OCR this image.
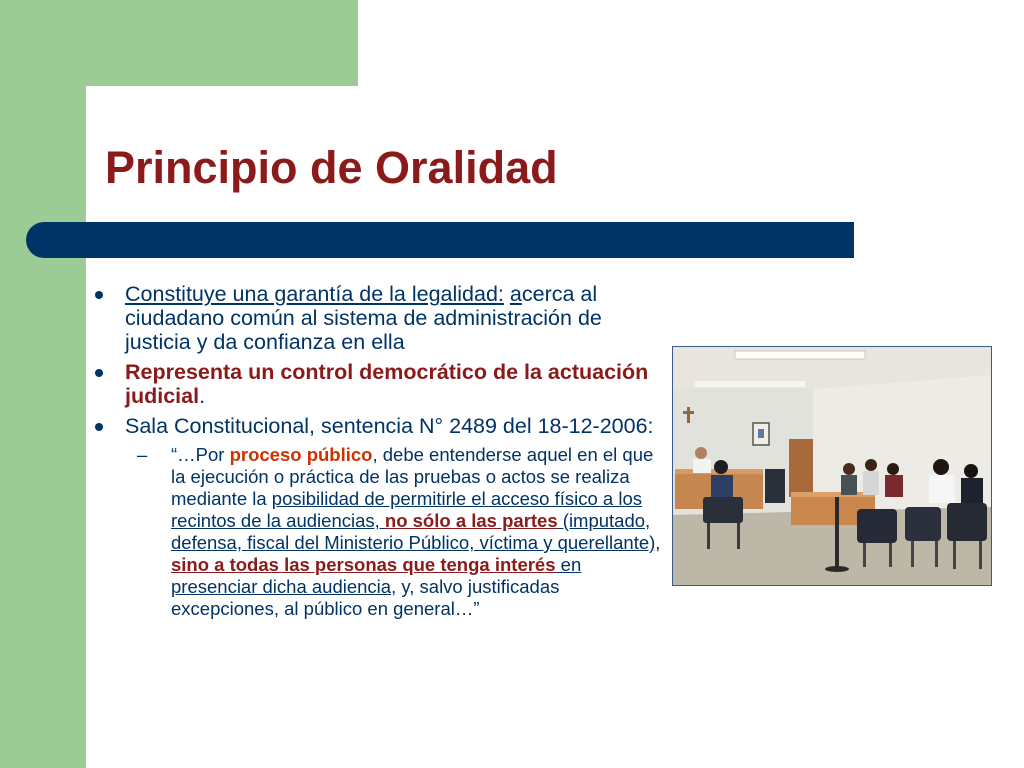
Principio de Oralidad
Constituye una garantía de la legalidad: acerca al ciudadano común al sistema de administración de justicia y da confianza en ella
Representa un control democrático de la actuación judicial.
Sala Constitucional, sentencia N° 2489 del 18-12-2006:
– “…Por proceso público, debe entenderse aquel en el que la ejecución o práctica de las pruebas o actos se realiza mediante la posibilidad de permitirle el acceso físico a los recintos de la audiencias, no sólo a las partes (imputado, defensa, fiscal del Ministerio Público, víctima y querellante), sino a todas las personas que tenga interés en presenciar dicha audiencia, y, salvo justificadas excepciones, al público en general…”
